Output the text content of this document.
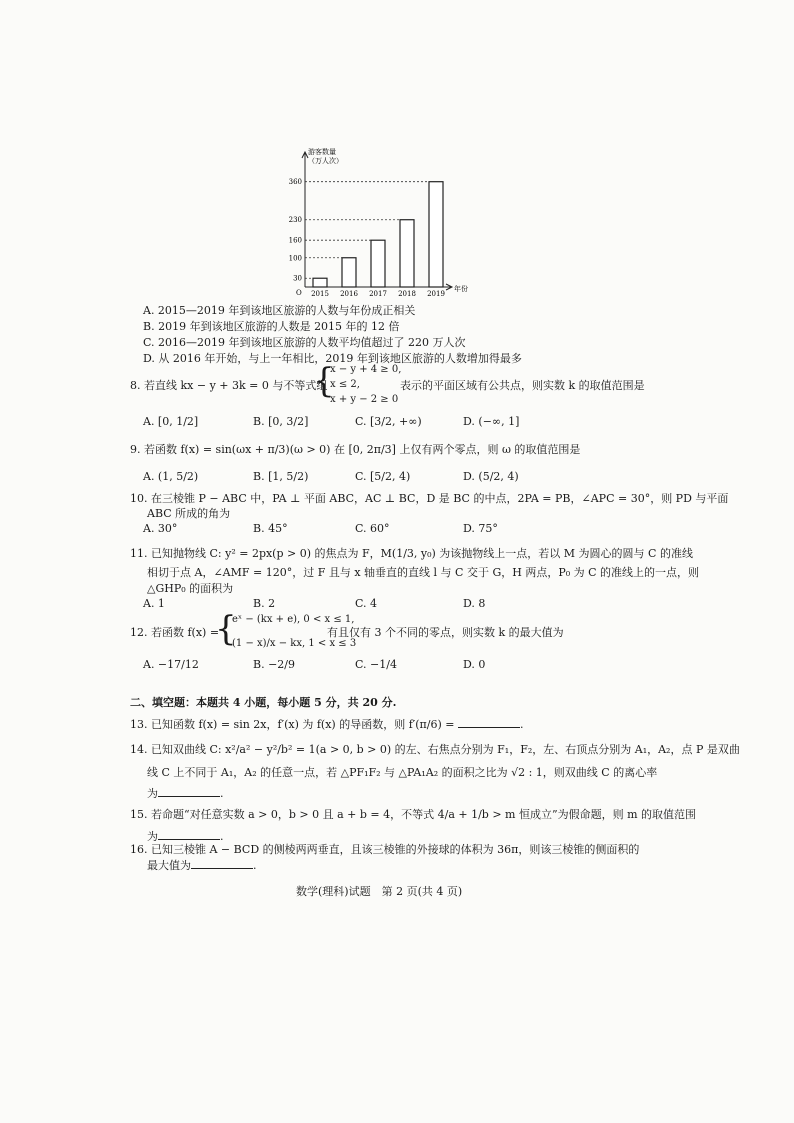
游客数量
（万人次）
年份
O 2015 2016 2017 2018 2019
30
100
160
230
360
A. 2015—2019 年到该地区旅游的人数与年份成正相关
B. 2019 年到该地区旅游的人数是 2015 年的 12 倍
C. 2016—2019 年到该地区旅游的人数平均值超过了 220 万人次
D. 从 2016 年开始，与上一年相比，2019 年到该地区旅游的人数增加得最多
8. 若直线 kx − y + 3k = 0 与不等式组
{
x − y + 4 ≥ 0,
x ≤ 2,
x + y − 2 ≥ 0
表示的平面区域有公共点，则实数 k 的取值范围是
A. [0, 1/2]	B. [0, 3/2]	C. [3/2, +∞)	D. (−∞, 1]
9. 若函数 f(x) = sin(ωx + π/3)(ω > 0) 在 [0, 2π/3] 上仅有两个零点，则 ω 的取值范围是
A. (1, 5/2)	B. [1, 5/2)	C. [5/2, 4)	D. (5/2, 4)
10. 在三棱锥 P − ABC 中，PA ⊥ 平面 ABC，AC ⊥ BC，D 是 BC 的中点，2PA = PB，∠APC = 30°，则 PD 与平面
ABC 所成的角为
A. 30°	B. 45°	C. 60°	D. 75°
11. 已知抛物线 C: y² = 2px(p > 0) 的焦点为 F，M(1/3, y₀) 为该抛物线上一点，若以 M 为圆心的圆与 C 的准线
相切于点 A，∠AMF = 120°，过 F 且与 x 轴垂直的直线 l 与 C 交于 G，H 两点，P₀ 为 C 的准线上的一点，则
△GHP₀ 的面积为
A. 1	B. 2	C. 4	D. 8
12. 若函数 f(x) =
{
eˣ − (kx + e), 0 < x ≤ 1,
(1 − x)/x − kx, 1 < x ≤ 3
有且仅有 3 个不同的零点，则实数 k 的最大值为
A. −17/12	B. −2/9	C. −1/4	D. 0
二、填空题：本题共 4 小题，每小题 5 分，共 20 分.
13. 已知函数 f(x) = sin 2x，f′(x) 为 f(x) 的导函数，则 f′(π/6) =	.
14. 已知双曲线 C: x²/a² − y²/b² = 1(a > 0, b > 0) 的左、右焦点分别为 F₁，F₂，左、右顶点分别为 A₁，A₂，点 P 是双曲
线 C 上不同于 A₁，A₂ 的任意一点，若 △PF₁F₂ 与 △PA₁A₂ 的面积之比为 √2 : 1，则双曲线 C 的离心率
为	.
15. 若命题“对任意实数 a > 0，b > 0 且 a + b = 4，不等式 4/a + 1/b > m 恒成立”为假命题，则 m 的取值范围
为	.
16. 已知三棱锥 A − BCD 的侧棱两两垂直，且该三棱锥的外接球的体积为 36π，则该三棱锥的侧面积的
最大值为	.
数学(理科)试题　第 2 页(共 4 页)
